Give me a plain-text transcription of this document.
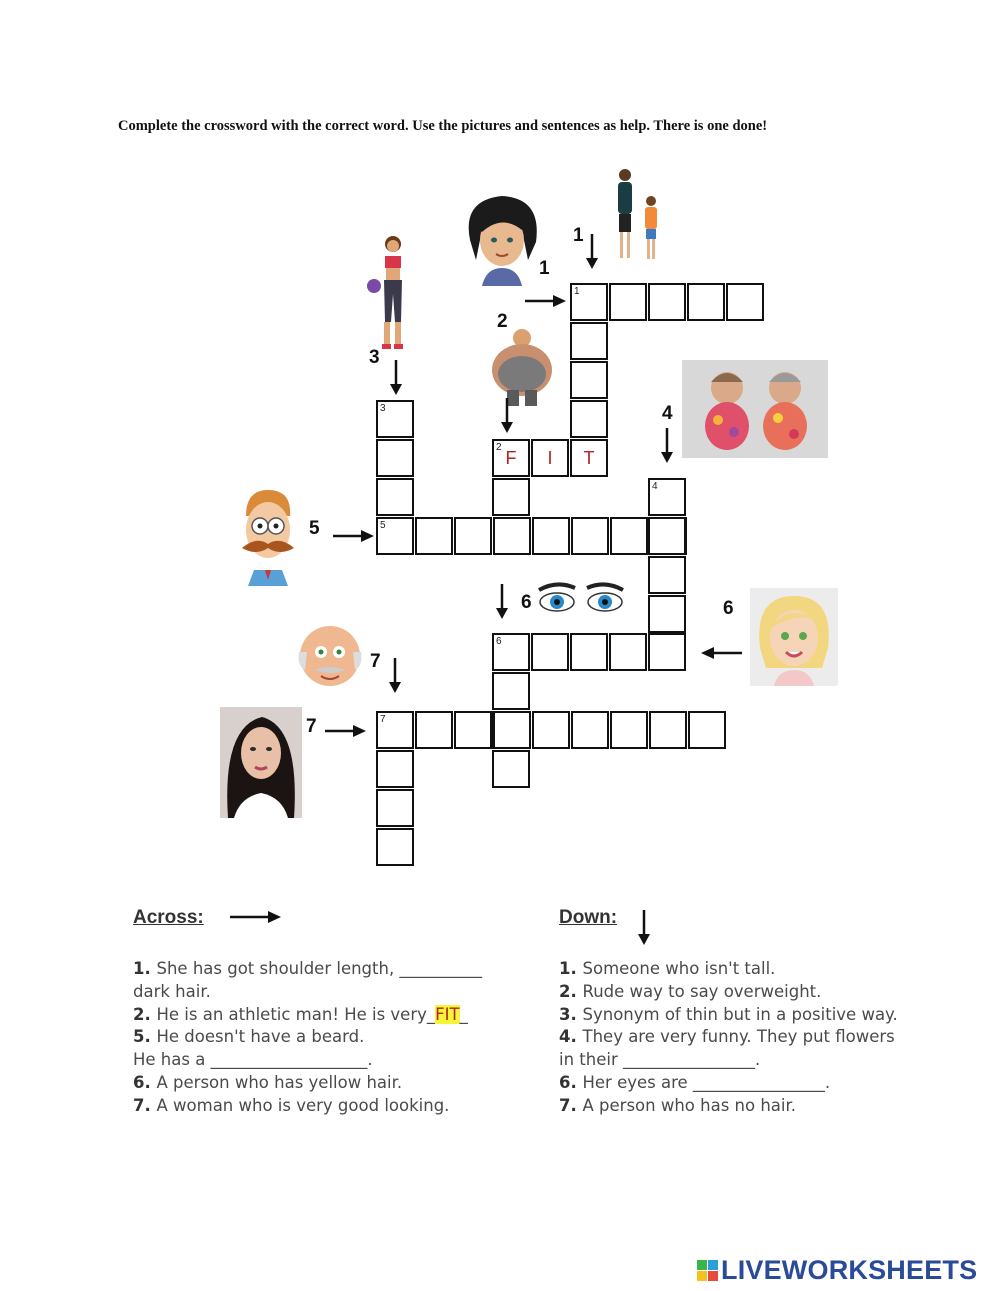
Complete the crossword with the correct word. Use the pictures and sentences as help. There is one done!
1
1
2
3
4
5
6	6
7
7
1
2
F
I
T
3
5
4
6
7
Across:	Down:
1. She has got shoulder length, __________
dark hair.
2. He is an athletic man! He is very_FIT_
5. He doesn't have a beard.
He has a ___________________.
6. A person who has yellow hair.
7. A woman who is very good looking.
1. Someone who isn't tall.
2. Rude way to say overweight.
3. Synonym of thin but in a positive way.
4. They are very funny. They put flowers
in their ________________.
6. Her eyes are ________________.
7. A person who has no hair.
LIVEWORKSHEETS
